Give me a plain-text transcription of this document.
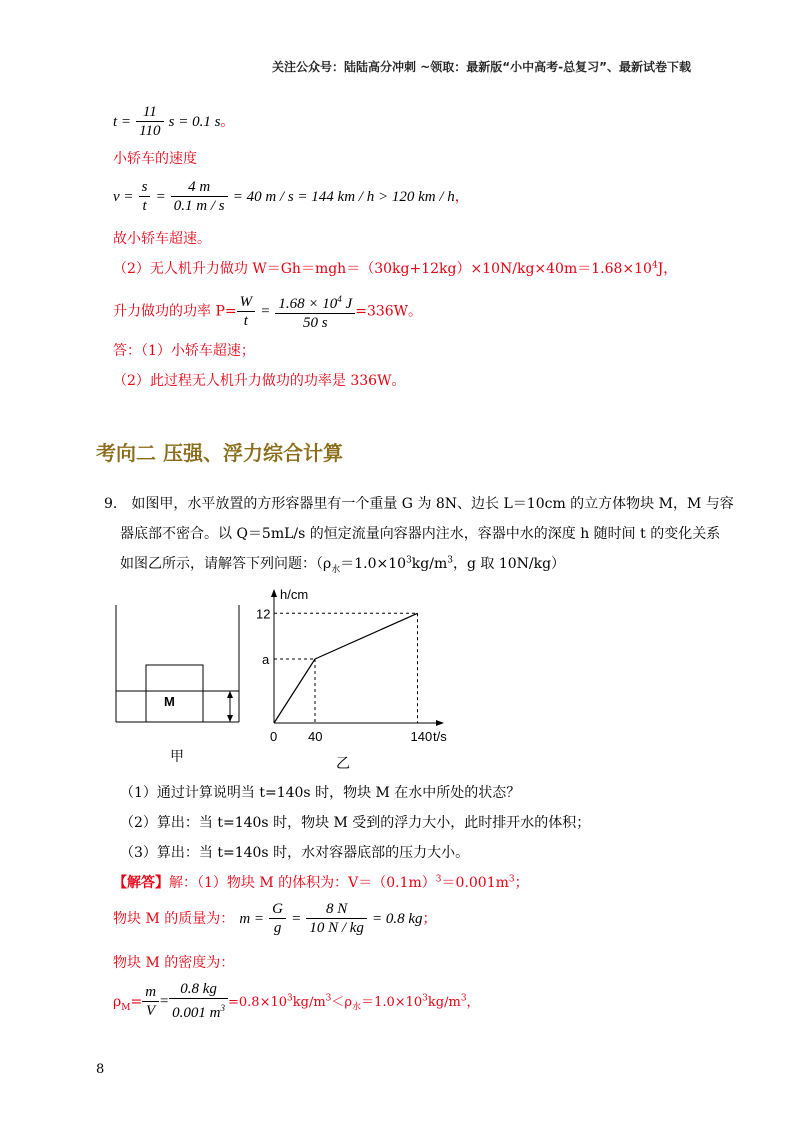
关注公众号：陆陆高分冲刺 ~领取：最新版“小中高考-总复习”、最新试卷下载
$t = \frac{11}{110}$ s = 0.1 s。
小轿车的速度
$v = \frac{s}{t} = \frac{4 m}{0.1 m / s} = 40$ m / s = 144 km / h > 120 km / h，
故小轿车超速。
（2）无人机升力做功 $W=Gh=mgh=(30kg+12kg)\times 10N/kg\times 40m=1.68\times 10^4J$，
升力做功的功率 $P= \frac{W}{t} = \frac{1.68 \times 10^4 J}{50 s} =336W$。
答：（1）小轿车超速；
（2）此过程无人机升力做功的功率是 336W。
考向二 压强、浮力综合计算
9． 如图甲，水平放置的方形容器里有一个重量 G 为 8N、边长 L＝10cm 的立方体物块 M，M 与容
器底部不密合。以 Q＝5mL/s 的恒定流量向容器内注水，容器中水的深度 h 随时间 t 的变化关系
如图乙所示，请解答下列问题：（$\rho_水=1.0\times 10^3kg/m^3$，g 取 10N/kg）
M
甲
h/cm
t/s
0 40	140
a
12
乙
（1）通过计算说明当 t=140s 时，物块 M 在水中所处的状态？
（2）算出：当 t=140s 时，物块 M 受到的浮力大小，此时排开水的体积；
（3）算出：当 t=140s 时，水对容器底部的压力大小。
【解答】解：（1）物块 M 的体积为：$V=(0.1m)^3=0.001m^3$；
物块 M 的质量为： $m = \frac{G}{g} = \frac{8 N}{10 N / kg} = 0.8$ kg；
物块 M 的密度为：
$\rho_M= \frac{m}{V} = \frac{0.8 kg}{0.001 m^3} =0.8\times 10^3kg/m^3<\rho_水=1.0\times 10^3kg/m^3$，
8
